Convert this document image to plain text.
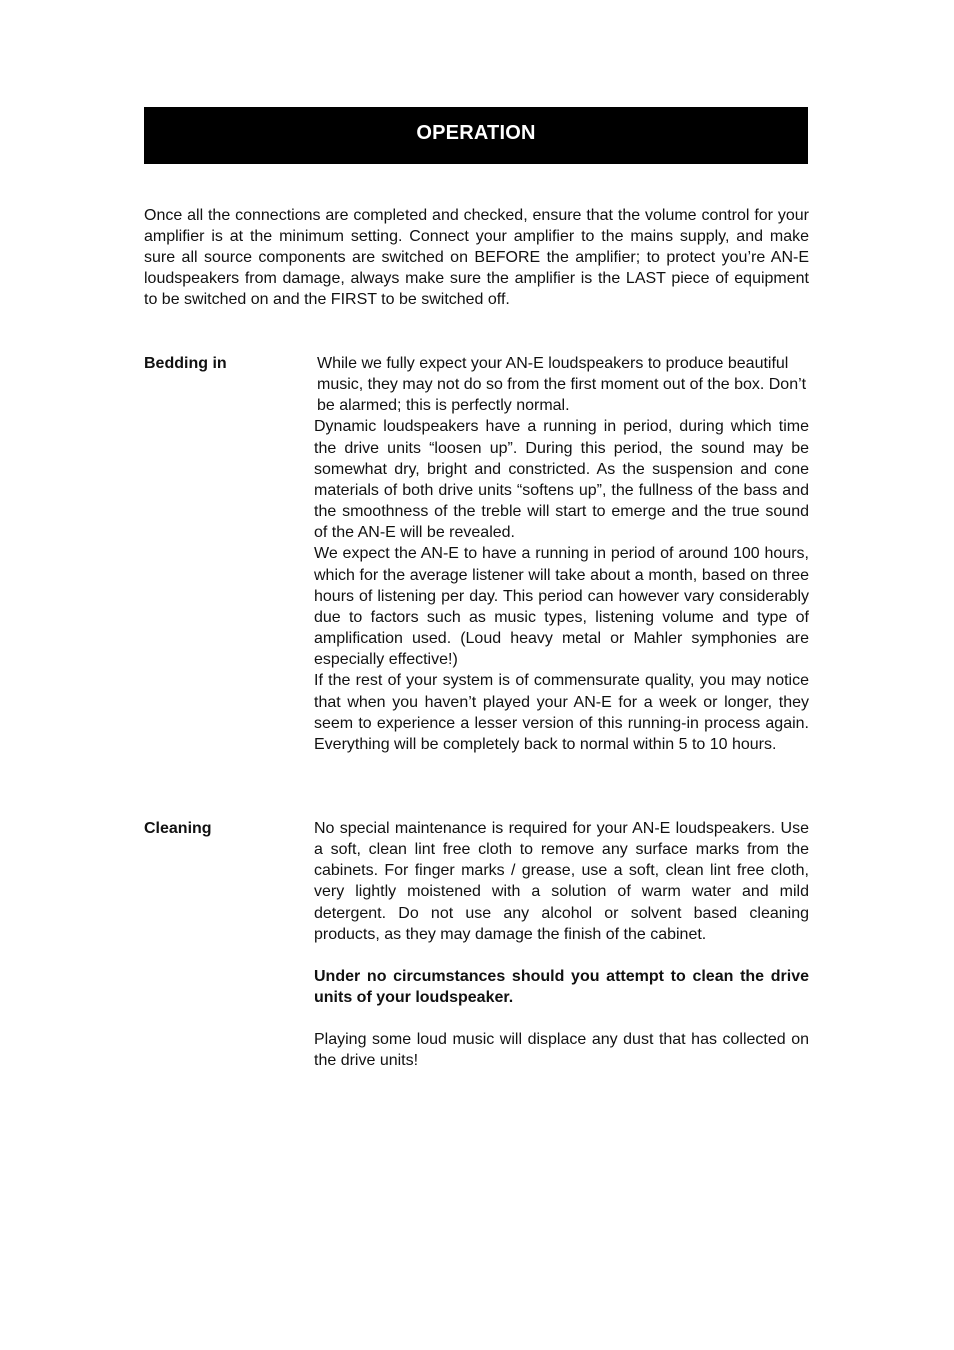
OPERATION

Once all the connections are completed and checked, ensure that the volume control for your amplifier is at the minimum setting. Connect your amplifier to the mains supply, and make sure all source components are switched on BEFORE the amplifier; to protect you’re AN-E loudspeakers from damage, always make sure the amplifier is the LAST piece of equipment to be switched on and the FIRST to be switched off.

Bedding in	While we fully expect your AN-E loudspeakers to produce beautiful music, they may not do so from the first moment out of the box. Don’t be alarmed; this is perfectly normal.

Dynamic loudspeakers have a running in period, during which time the drive units “loosen up”. During this period, the sound may be somewhat dry, bright and constricted. As the suspension and cone materials of both drive units “softens up”, the fullness of the bass and the smoothness of the treble will start to emerge and the true sound of the AN-E will be revealed.

We expect the AN-E to have a running in period of around 100 hours, which for the average listener will take about a month, based on three hours of listening per day. This period can however vary considerably due to factors such as music types, listening volume and type of amplification used. (Loud heavy metal or Mahler symphonies are especially effective!)

If the rest of your system is of commensurate quality, you may notice that when you haven’t played your AN-E for a week or longer, they seem to experience a lesser version of this running-in process again. Everything will be completely back to normal within 5 to 10 hours.

Cleaning	No special maintenance is required for your AN-E loudspeakers. Use a soft, clean lint free cloth to remove any surface marks from the cabinets. For finger marks / grease, use a soft, clean lint free cloth, very lightly moistened with a solution of warm water and mild detergent. Do not use any alcohol or solvent based cleaning products, as they may damage the finish of the cabinet.

Under no circumstances should you attempt to clean the drive units of your loudspeaker.

Playing some loud music will displace any dust that has collected on the drive units!
